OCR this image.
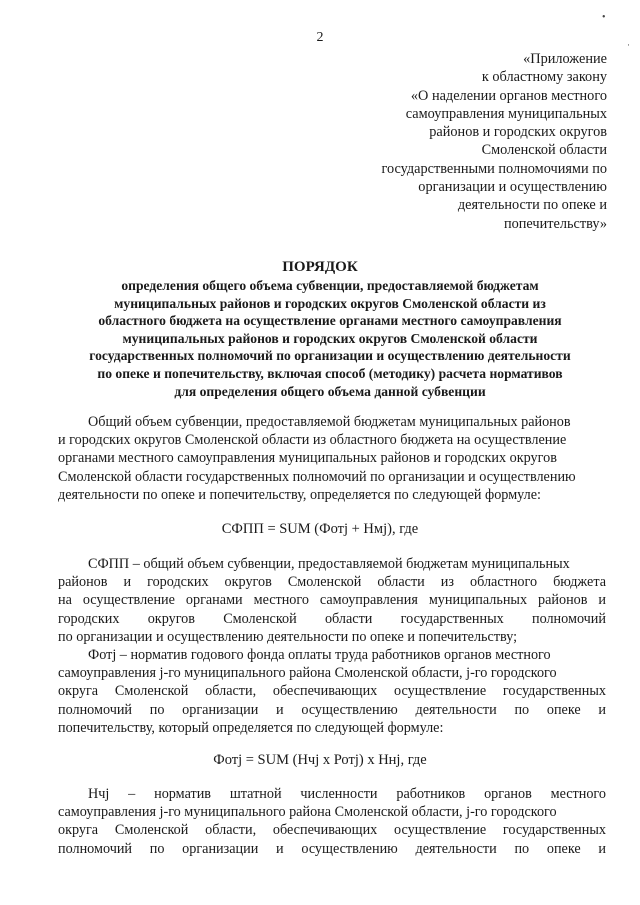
2
«Приложение
к областному закону
«О наделении органов местного
самоуправления муниципальных
районов и городских округов
Смоленской области
государственными полномочиями по
организации и осуществлению
деятельности по опеке и
попечительству»
ПОРЯДОК
определения общего объема субвенции, предоставляемой бюджетам
муниципальных районов и городских округов Смоленской области из
областного бюджета на осуществление органами местного самоуправления
муниципальных районов и городских округов Смоленской области
государственных полномочий по организации и осуществлению деятельности
по опеке и попечительству, включая способ (методику) расчета нормативов
для определения общего объема данной субвенции
Общий объем субвенции, предоставляемой бюджетам муниципальных районов
и городских округов Смоленской области из областного бюджета на осуществление
органами местного самоуправления муниципальных районов и городских округов
Смоленской области государственных полномочий по организации и осуществлению
деятельности по опеке и попечительству, определяется по следующей формуле:
СФПП = SUM (Фотj + Нмj), где
СФПП – общий объем субвенции, предоставляемой бюджетам муниципальных
районов и городских округов Смоленской области из областного бюджета
на осуществление органами местного самоуправления муниципальных районов и
городских округов Смоленской области государственных полномочий
по организации и осуществлению деятельности по опеке и попечительству;
Фотj – норматив годового фонда оплаты труда работников органов местного
самоуправления j-го муниципального района Смоленской области, j-го городского
округа Смоленской области, обеспечивающих осуществление государственных
полномочий по организации и осуществлению деятельности по опеке и
попечительству, который определяется по следующей формуле:
Фотj = SUM (Нчj х Ротj) х Ннj, где
Нчj – норматив штатной численности работников органов местного
самоуправления j-го муниципального района Смоленской области, j-го городского
округа Смоленской области, обеспечивающих осуществление государственных
полномочий по организации и осуществлению деятельности по опеке и
•
·
